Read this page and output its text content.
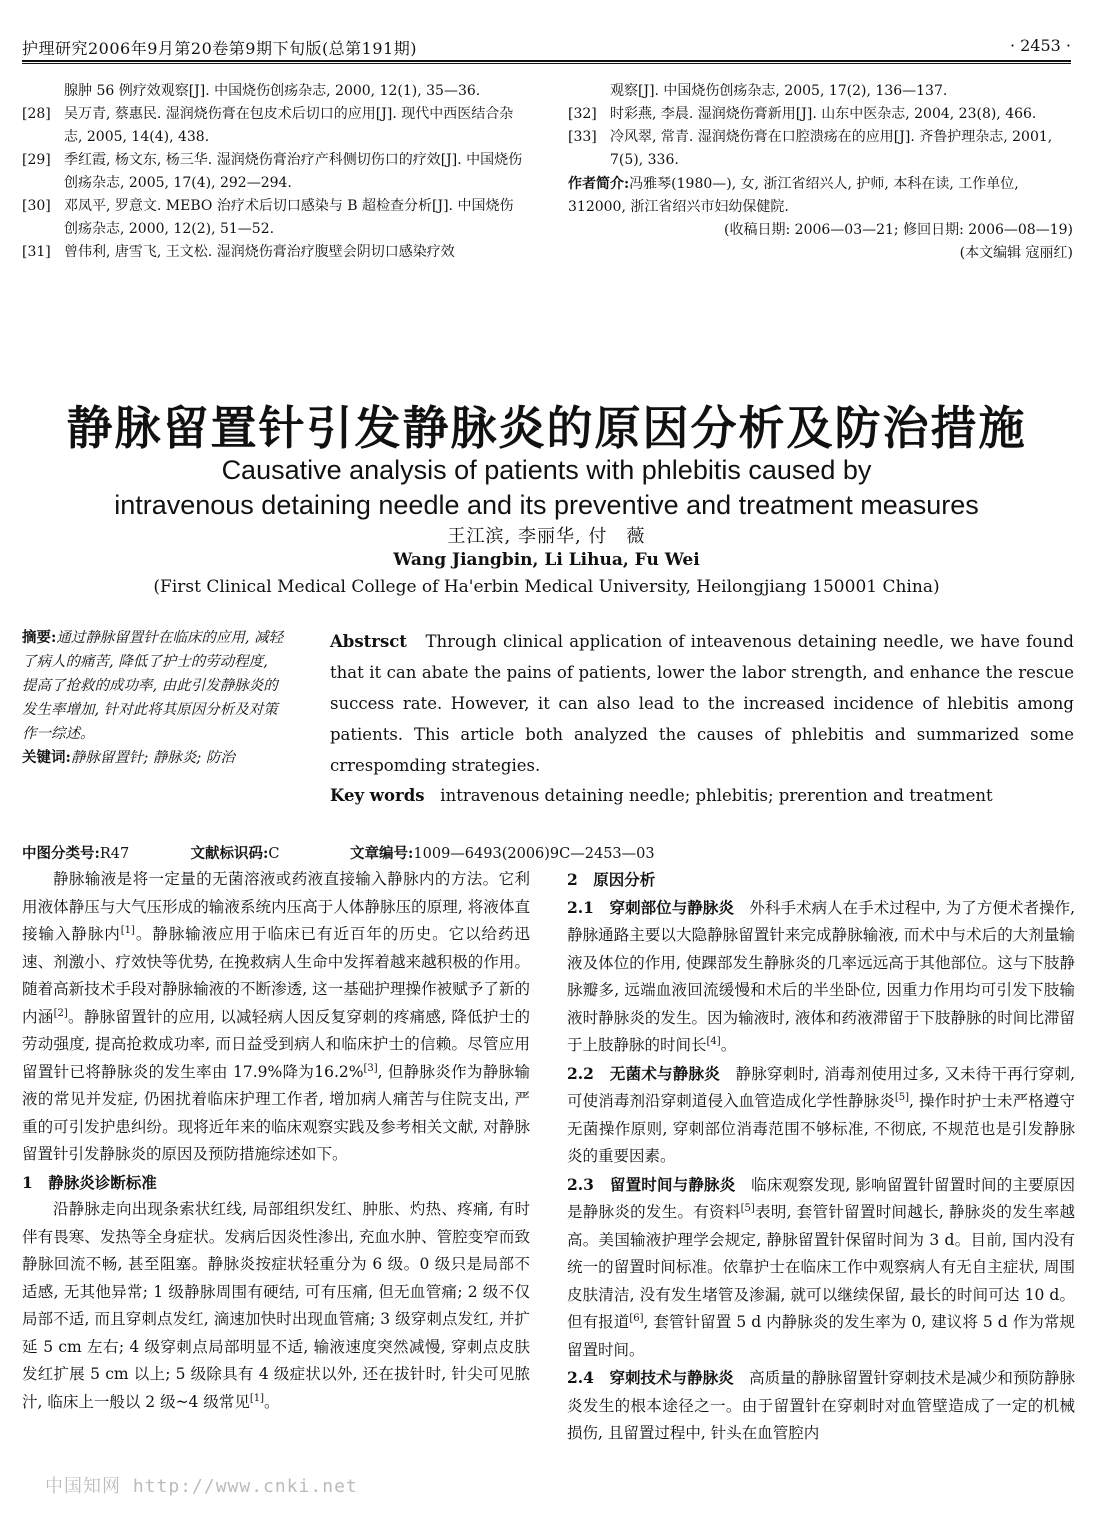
护理研究2006年9月第20卷第9期下旬版(总第191期)	· 2453 ·
腺肿 56 例疗效观察[J]. 中国烧伤创疡杂志, 2000, 12(1), 35—36.
[28] 吴万青, 蔡惠民. 湿润烧伤膏在包皮术后切口的应用[J]. 现代中西医结合杂志, 2005, 14(4), 438.
[29] 季红霞, 杨文东, 杨三华. 湿润烧伤膏治疗产科侧切伤口的疗效[J]. 中国烧伤创疡杂志, 2005, 17(4), 292—294.
[30] 邓凤平, 罗意文. MEBO 治疗术后切口感染与 B 超检查分析[J]. 中国烧伤创疡杂志, 2000, 12(2), 51—52.
[31] 曾伟利, 唐雪飞, 王文松. 湿润烧伤膏治疗腹壁会阴切口感染疗效
观察[J]. 中国烧伤创疡杂志, 2005, 17(2), 136—137.
[32] 时彩燕, 李晨. 湿润烧伤膏新用[J]. 山东中医杂志, 2004, 23(8), 466.
[33] 冷风翠, 常青. 湿润烧伤膏在口腔溃疡在的应用[J]. 齐鲁护理杂志, 2001, 7(5), 336.
作者简介:冯雅琴(1980—), 女, 浙江省绍兴人, 护师, 本科在读, 工作单位, 312000, 浙江省绍兴市妇幼保健院.
(收稿日期: 2006—03—21; 修回日期: 2006—08—19)
(本文编辑 寇丽红)
静脉留置针引发静脉炎的原因分析及防治措施
Causative analysis of patients with phlebitis caused by
intravenous detaining needle and its preventive and treatment measures
王江滨, 李丽华, 付　薇
Wang Jiangbin, Li Lihua, Fu Wei
(First Clinical Medical College of Ha'erbin Medical University, Heilongjiang 150001 China)
摘要:通过静脉留置针在临床的应用, 减轻了病人的痛苦, 降低了护士的劳动程度, 提高了抢救的成功率, 由此引发静脉炎的发生率增加, 针对此将其原因分析及对策作一综述。
关键词:静脉留置针; 静脉炎; 防治
Abstrsct Through clinical application of inteavenous detaining needle, we have found that it can abate the pains of patients, lower the labor strength, and enhance the rescue success rate. However, it can also lead to the increased incidence of hlebitis among patients. This article both analyzed the causes of phlebitis and summarized some crrespomding strategies.
Key words intravenous detaining needle; phlebitis; prerention and treatment
中图分类号:R47	文献标识码:C	文章编号:1009—6493(2006)9C—2453—03

静脉输液是将一定量的无菌溶液或药液直接输入静脉内的方法。它利用液体静压与大气压形成的输液系统内压高于人体静脉压的原理, 将液体直接输入静脉内[1]。静脉输液应用于临床已有近百年的历史。它以给药迅速、剂激小、疗效快等优势, 在挽救病人生命中发挥着越来越积极的作用。随着高新技术手段对静脉输液的不断渗透, 这一基础护理操作被赋予了新的内涵[2]。静脉留置针的应用, 以减轻病人因反复穿刺的疼痛感, 降低护士的劳动强度, 提高抢救成功率, 而日益受到病人和临床护士的信赖。尽管应用留置针已将静脉炎的发生率由 17.9%降为16.2%[3], 但静脉炎作为静脉输液的常见并发症, 仍困扰着临床护理工作者, 增加病人痛苦与住院支出, 严重的可引发护患纠纷。现将近年来的临床观察实践及参考相关文献, 对静脉留置针引发静脉炎的原因及预防措施综述如下。

1　静脉炎诊断标准

沿静脉走向出现条索状红线, 局部组织发红、肿胀、灼热、疼痛, 有时伴有畏寒、发热等全身症状。发病后因炎性渗出, 充血水肿、管腔变窄而致静脉回流不畅, 甚至阻塞。静脉炎按症状轻重分为 6 级。0 级只是局部不适感, 无其他异常; 1 级静脉周围有硬结, 可有压痛, 但无血管痛; 2 级不仅局部不适, 而且穿刺点发红, 滴速加快时出现血管痛; 3 级穿刺点发红, 并扩延 5 cm 左右; 4 级穿刺点局部明显不适, 输液速度突然减慢, 穿刺点皮肤发红扩展 5 cm 以上; 5 级除具有 4 级症状以外, 还在拔针时, 针尖可见脓汁, 临床上一般以 2 级~4 级常见[1]。

2　原因分析

2.1　穿刺部位与静脉炎　外科手术病人在手术过程中, 为了方便术者操作, 静脉通路主要以大隐静脉留置针来完成静脉输液, 而术中与术后的大剂量输液及体位的作用, 使踝部发生静脉炎的几率远远高于其他部位。这与下肢静脉瓣多, 远端血液回流缓慢和术后的半坐卧位, 因重力作用均可引发下肢输液时静脉炎的发生。因为输液时, 液体和药液滞留于下肢静脉的时间比滞留于上肢静脉的时间长[4]。

2.2　无菌术与静脉炎　静脉穿刺时, 消毒剂使用过多, 又未待干再行穿刺, 可使消毒剂沿穿刺道侵入血管造成化学性静脉炎[5], 操作时护士未严格遵守无菌操作原则, 穿刺部位消毒范围不够标准, 不彻底, 不规范也是引发静脉炎的重要因素。

2.3　留置时间与静脉炎　临床观察发现, 影响留置针留置时间的主要原因是静脉炎的发生。有资料[5]表明, 套管针留置时间越长, 静脉炎的发生率越高。美国输液护理学会规定, 静脉留置针保留时间为 3 d。目前, 国内没有统一的留置时间标准。依靠护士在临床工作中观察病人有无自主症状, 周围皮肤清洁, 没有发生堵管及渗漏, 就可以继续保留, 最长的时间可达 10 d。但有报道[6], 套管针留置 5 d 内静脉炎的发生率为 0, 建议将 5 d 作为常规留置时间。

2.4　穿刺技术与静脉炎　高质量的静脉留置针穿刺技术是减少和预防静脉炎发生的根本途径之一。由于留置针在穿刺时对血管壁造成了一定的机械损伤, 且留置过程中, 针头在血管腔内

中国知网 http://www.cnki.net
